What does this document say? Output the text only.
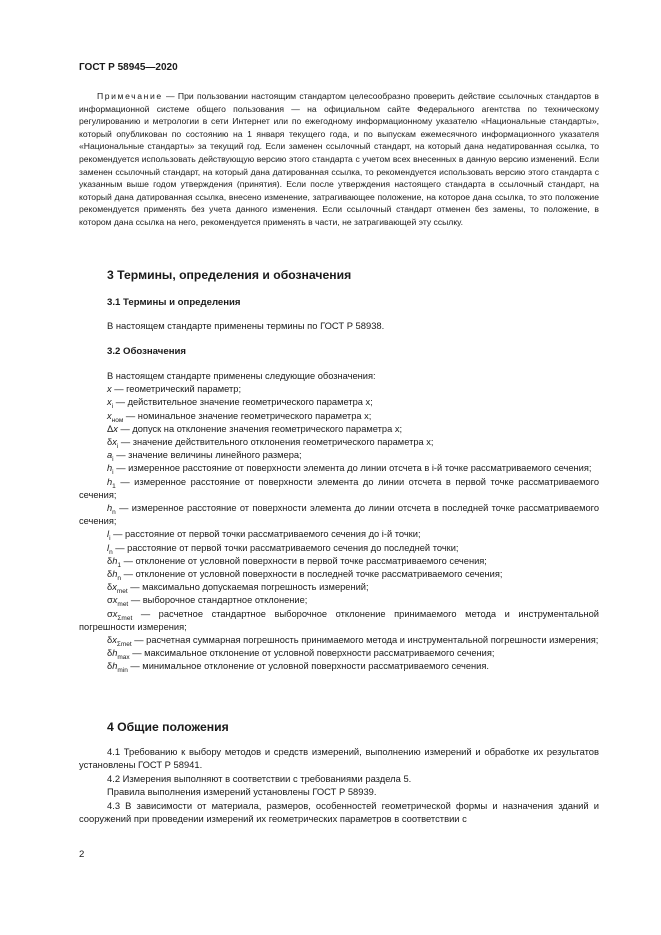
ГОСТ Р 58945—2020
Примечание — При пользовании настоящим стандартом целесообразно проверить действие ссылочных стандартов в информационной системе общего пользования — на официальном сайте Федерального агентства по техническому регулированию и метрологии в сети Интернет или по ежегодному информационному указателю «Национальные стандарты», который опубликован по состоянию на 1 января текущего года, и по выпускам ежемесячного информационного указателя «Национальные стандарты» за текущий год. Если заменен ссылочный стандарт, на который дана недатированная ссылка, то рекомендуется использовать действующую версию этого стандарта с учетом всех внесенных в данную версию изменений. Если заменен ссылочный стандарт, на который дана датированная ссылка, то рекомендуется использовать версию этого стандарта с указанным выше годом утверждения (принятия). Если после утверждения настоящего стандарта в ссылочный стандарт, на который дана датированная ссылка, внесено изменение, затрагивающее положение, на которое дана ссылка, то это положение рекомендуется применять без учета данного изменения. Если ссылочный стандарт отменен без замены, то положение, в котором дана ссылка на него, рекомендуется применять в части, не затрагивающей эту ссылку.
3 Термины, определения и обозначения
3.1 Термины и определения

В настоящем стандарте применены термины по ГОСТ Р 58938.

3.2 Обозначения
В настоящем стандарте применены следующие обозначения:
x — геометрический параметр;
$x_i$ — действительное значение геометрического параметра x;
$x_{ном}$ — номинальное значение геометрического параметра x;
Δx — допуск на отклонение значения геометрического параметра x;
$\delta x_i$ — значение действительного отклонения геометрического параметра x;
$a_i$ — значение величины линейного размера;
$h_i$ — измеренное расстояние от поверхности элемента до линии отсчета в i-й точке рассматриваемого сечения;
$h_1$ — измеренное расстояние от поверхности элемента до линии отсчета в первой точке рассматриваемого сечения;
$h_n$ — измеренное расстояние от поверхности элемента до линии отсчета в последней точке рассматриваемого сечения;
$l_i$ — расстояние от первой точки рассматриваемого сечения до i-й точки;
$l_n$ — расстояние от первой точки рассматриваемого сечения до последней точки;
$\delta h_1$ — отклонение от условной поверхности в первой точке рассматриваемого сечения;
$\delta h_n$ — отклонение от условной поверхности в последней точке рассматриваемого сечения;
$\delta x_{met}$ — максимально допускаемая погрешность измерений;
$\sigma x_{met}$ — выборочное стандартное отклонение;
$\sigma x_{\Sigma met}$ — расчетное стандартное выборочное отклонение принимаемого метода и инструментальной погрешности измерения;
$\delta x_{\Sigma met}$ — расчетная суммарная погрешность принимаемого метода и инструментальной погрешности измерения;
$\delta h_{max}$ — максимальное отклонение от условной поверхности рассматриваемого сечения;
$\delta h_{min}$ — минимальное отклонение от условной поверхности рассматриваемого сечения.
4 Общие положения
4.1 Требованию к выбору методов и средств измерений, выполнению измерений и обработке их результатов установлены ГОСТ Р 58941.
4.2 Измерения выполняют в соответствии с требованиями раздела 5.
Правила выполнения измерений установлены ГОСТ Р 58939.
4.3 В зависимости от материала, размеров, особенностей геометрической формы и назначения зданий и сооружений при проведении измерений их геометрических параметров в соответствии с
2
